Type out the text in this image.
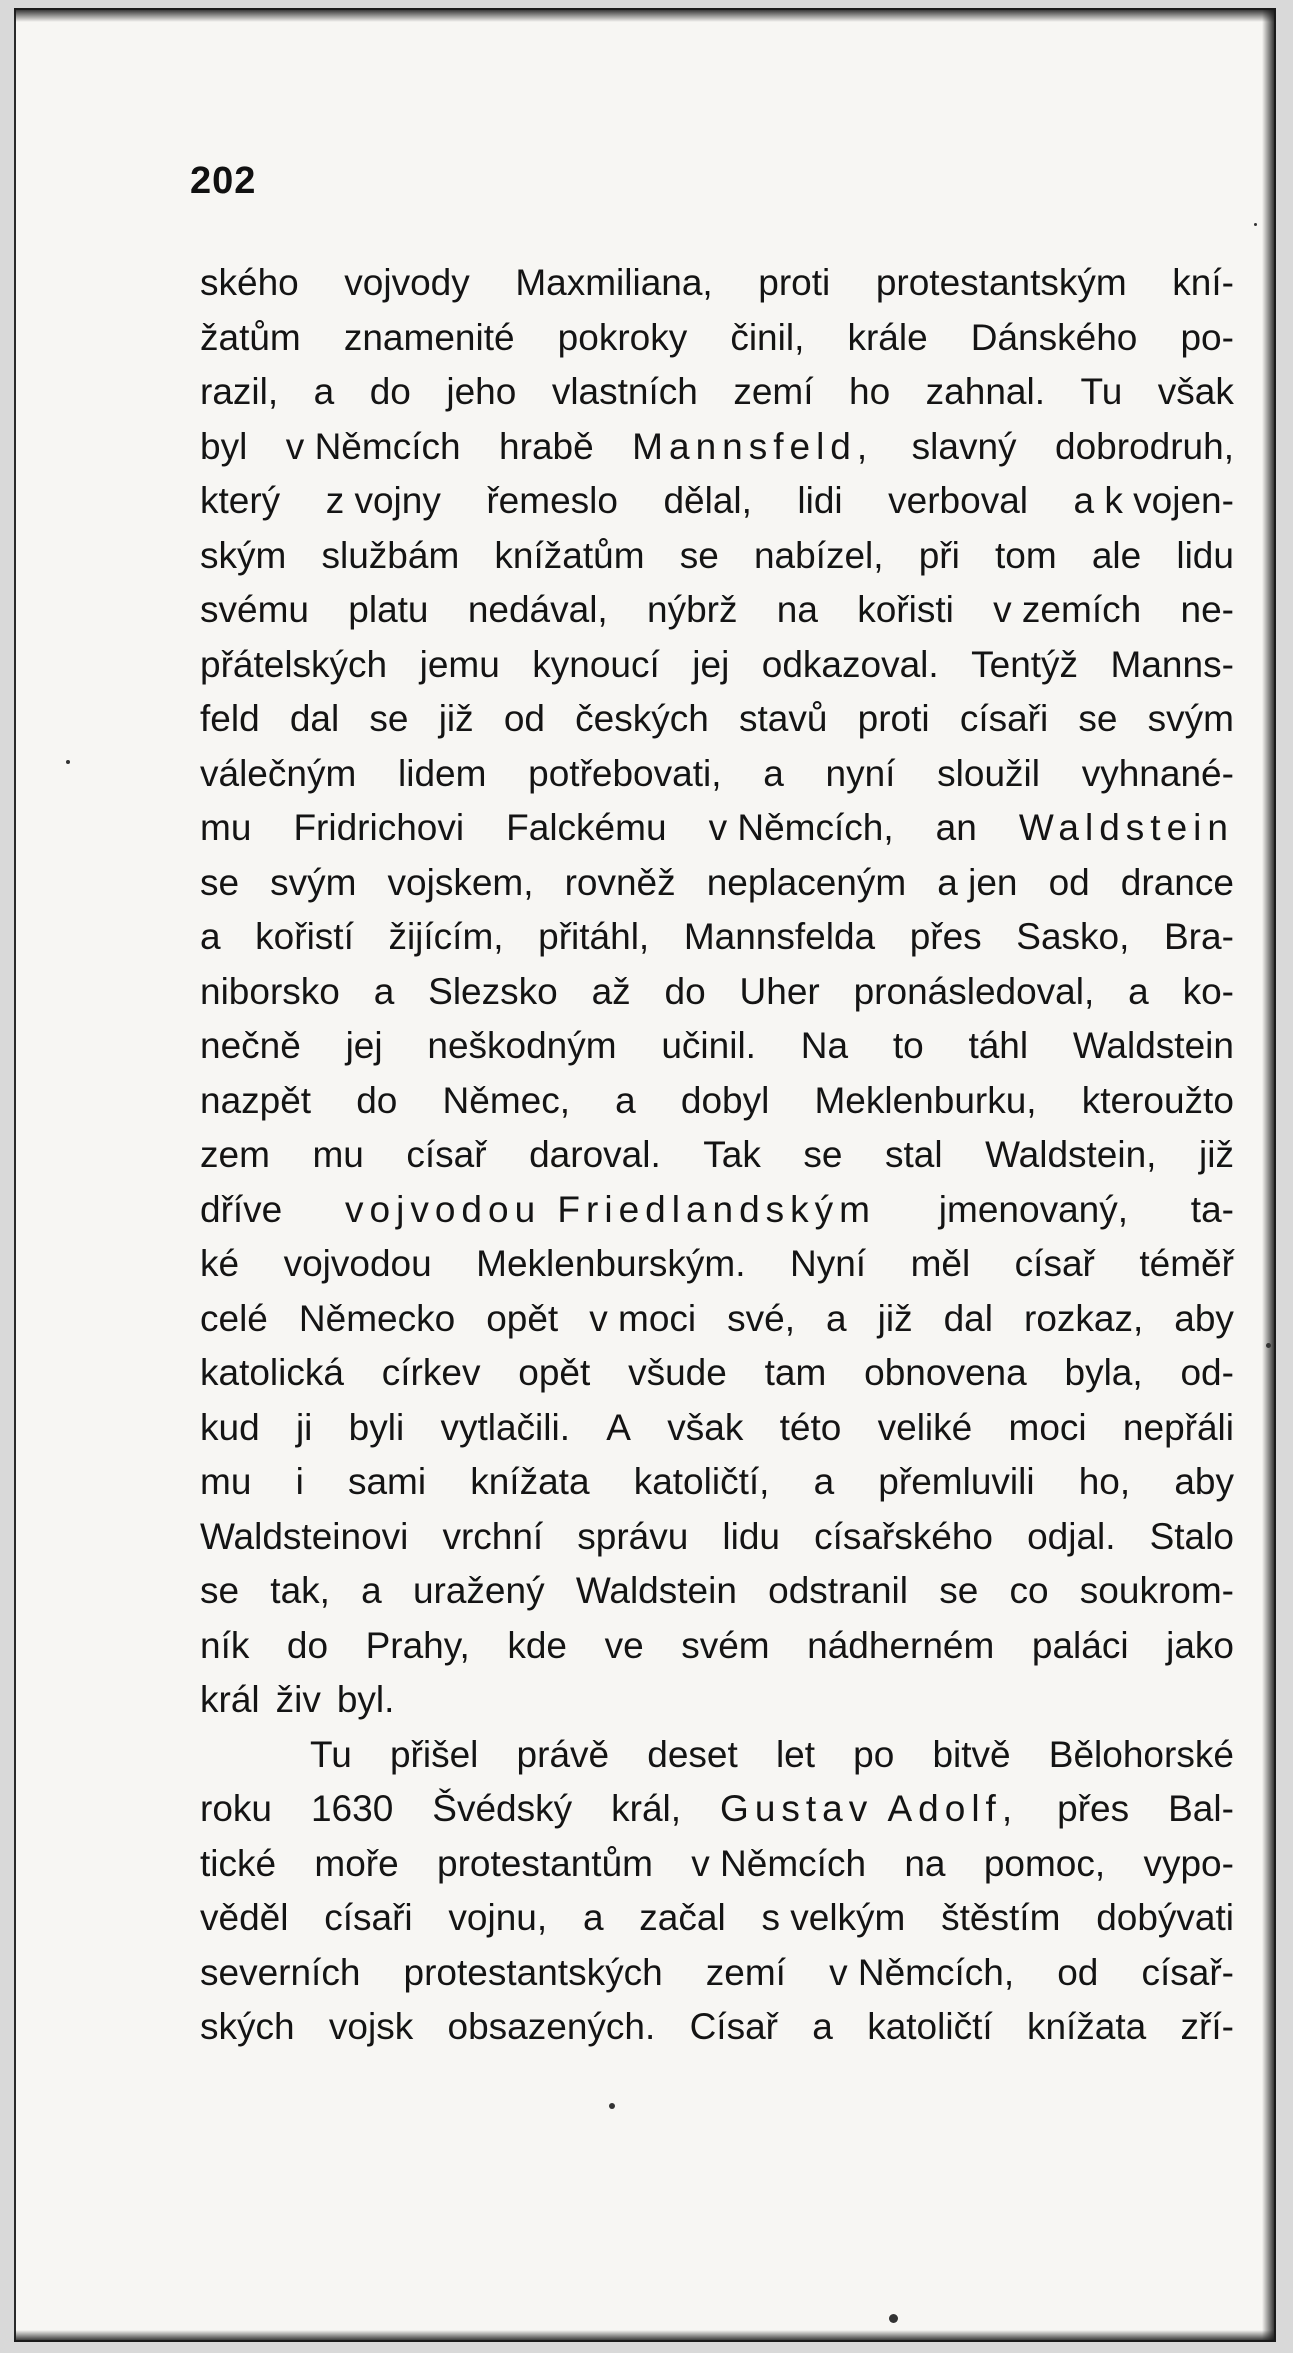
202
ského vojvody Maxmiliana, proti protestantským kní-
žatům znamenité pokroky činil, krále Dánského po-
razil, a do jeho vlastních zemí ho zahnal. Tu však
byl v Němcích hrabě Mannsfeld, slavný dobrodruh,
který z vojny řemeslo dělal, lidi verboval a k vojen-
ským službám knížatům se nabízel, při tom ale lidu
svému platu nedával, nýbrž na kořisti v zemích ne-
přátelských jemu kynoucí jej odkazoval. Tentýž Manns-
feld dal se již od českých stavů proti císaři se svým
válečným lidem potřebovati, a nyní sloužil vyhnané-
mu Fridrichovi Falckému v Němcích, an Waldstein
se svým vojskem, rovněž neplaceným a jen od drance
a kořistí žijícím, přitáhl, Mannsfelda přes Sasko, Bra-
niborsko a Slezsko až do Uher pronásledoval, a ko-
nečně jej neškodným učinil. Na to táhl Waldstein
nazpět do Němec, a dobyl Meklenburku, kteroužto
zem mu císař daroval. Tak se stal Waldstein, již
dříve vojvodou Friedlandským jmenovaný, ta-
ké vojvodou Meklenburským. Nyní měl císař téměř
celé Německo opět v moci své, a již dal rozkaz, aby
katolická církev opět všude tam obnovena byla, od-
kud ji byli vytlačili. A však této veliké moci nepřáli
mu i sami knížata katoličtí, a přemluvili ho, aby
Waldsteinovi vrchní správu lidu císařského odjal. Stalo
se tak, a uražený Waldstein odstranil se co soukrom-
ník do Prahy, kde ve svém nádherném paláci jako
král živ byl.
Tu přišel právě deset let po bitvě Bělohorské
roku 1630 Švédský král, Gustav Adolf, přes Bal-
tické moře protestantům v Němcích na pomoc, vypo-
věděl císaři vojnu, a začal s velkým štěstím dobývati
severních protestantských zemí v Němcích, od císař-
ských vojsk obsazených. Císař a katoličtí knížata zří-
